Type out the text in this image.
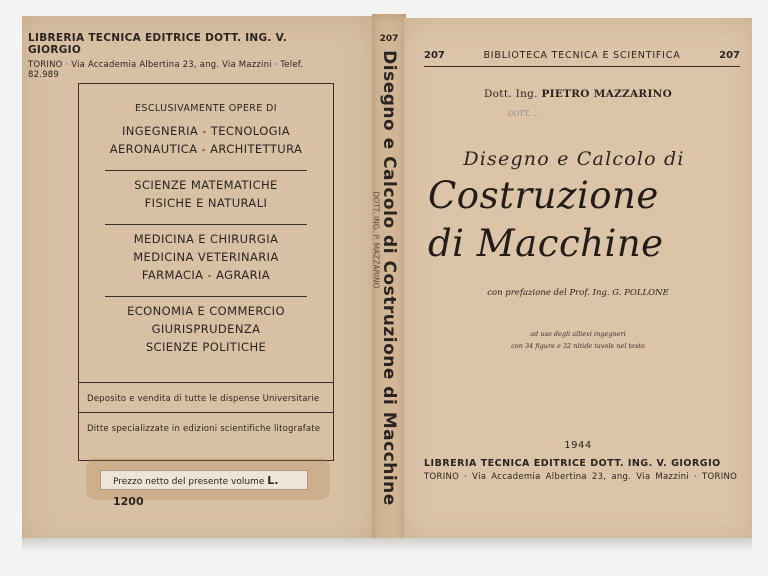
LIBRERIA TECNICA EDITRICE DOTT. ING. V. GIORGIO
TORINO · Via Accademia Albertina 23, ang. Via Mazzini · Telef. 82.989
ESCLUSIVAMENTE OPERE DI
INGEGNERIA - TECNOLOGIA
AERONAUTICA - ARCHITETTURA
SCIENZE MATEMATICHE
FISICHE E NATURALI
MEDICINA E CHIRURGIA
MEDICINA VETERINARIA
FARMACIA - AGRARIA
ECONOMIA E COMMERCIO
GIURISPRUDENZA
SCIENZE POLITICHE
Deposito e vendita di tutte le dispense Universitarie
Ditte specializzate in edizioni scientifiche litografate
Prezzo netto del presente volume L. 1200
207
DOTT. ING. P. MAZZARINO
Disegno e Calcolo di Costruzione di Macchine	207	BIBLIOTECA TECNICA E SCIENTIFICA	207
Dott. Ing. PIETRO MAZZARINO
DOTT. ...
Disegno e Calcolo di
Costruzione
di Macchine
con prefazione del Prof. Ing. G. POLLONE
ad uso degli allievi ingegneri
con 34 figure e 32 nitide tavole nel testo
1944
LIBRERIA TECNICA EDITRICE DOTT. ING. V. GIORGIO
TORINO · Via Accademia Albertina 23, ang. Via Mazzini · TORINO
